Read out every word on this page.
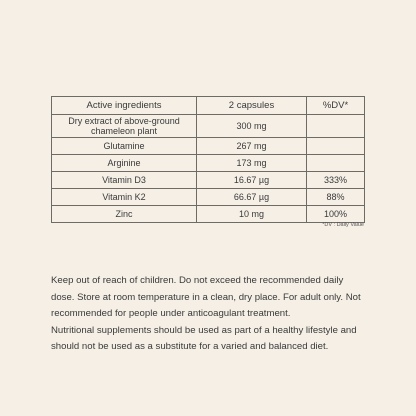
Active ingredients	2 capsules	%DV*
Dry extract of above-ground chameleon plant	300 mg	
Glutamine	267 mg	
Arginine	173 mg	
Vitamin D3	16.67 µg	333%
Vitamin K2	66.67 µg	88%
Zinc	10 mg	100%
*DV : Daily Value

Keep out of reach of children. Do not exceed the recommended daily

dose. Store at room temperature in a clean, dry place. For adult only. Not

recommended for people under anticoagulant treatment.

Nutritional supplements should be used as part of a healthy lifestyle and

should not be used as a substitute for a varied and balanced diet.
